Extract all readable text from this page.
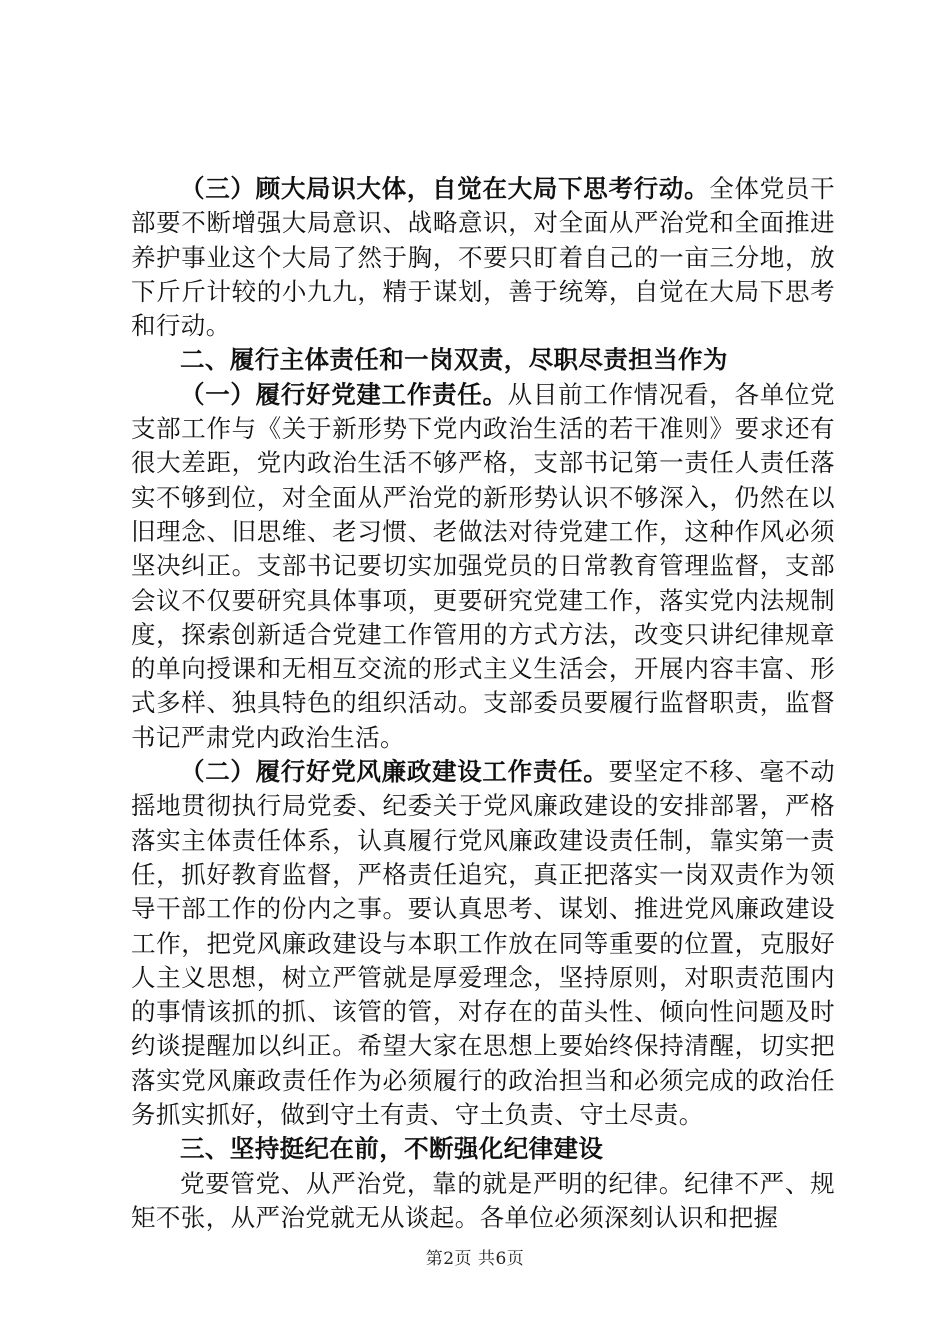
（三）顾大局识大体，自觉在大局下思考行动。全体党员干部要不断增强大局意识、战略意识，对全面从严治党和全面推进养护事业这个大局了然于胸，不要只盯着自己的一亩三分地，放下斤斤计较的小九九，精于谋划，善于统筹，自觉在大局下思考和行动。

二、履行主体责任和一岗双责，尽职尽责担当作为

（一）履行好党建工作责任。从目前工作情况看，各单位党支部工作与《关于新形势下党内政治生活的若干准则》要求还有很大差距，党内政治生活不够严格，支部书记第一责任人责任落实不够到位，对全面从严治党的新形势认识不够深入，仍然在以旧理念、旧思维、老习惯、老做法对待党建工作，这种作风必须坚决纠正。支部书记要切实加强党员的日常教育管理监督，支部会议不仅要研究具体事项，更要研究党建工作，落实党内法规制度，探索创新适合党建工作管用的方式方法，改变只讲纪律规章的单向授课和无相互交流的形式主义生活会，开展内容丰富、形式多样、独具特色的组织活动。支部委员要履行监督职责，监督书记严肃党内政治生活。

（二）履行好党风廉政建设工作责任。要坚定不移、毫不动摇地贯彻执行局党委、纪委关于党风廉政建设的安排部署，严格落实主体责任体系，认真履行党风廉政建设责任制，靠实第一责任，抓好教育监督，严格责任追究，真正把落实一岗双责作为领导干部工作的份内之事。要认真思考、谋划、推进党风廉政建设工作，把党风廉政建设与本职工作放在同等重要的位置，克服好人主义思想，树立严管就是厚爱理念，坚持原则，对职责范围内的事情该抓的抓、该管的管，对存在的苗头性、倾向性问题及时约谈提醒加以纠正。希望大家在思想上要始终保持清醒，切实把落实党风廉政责任作为必须履行的政治担当和必须完成的政治任务抓实抓好，做到守土有责、守土负责、守土尽责。

三、坚持挺纪在前，不断强化纪律建设

党要管党、从严治党，靠的就是严明的纪律。纪律不严、规矩不张，从严治党就无从谈起。各单位必须深刻认识和把握

第2页 共6页
